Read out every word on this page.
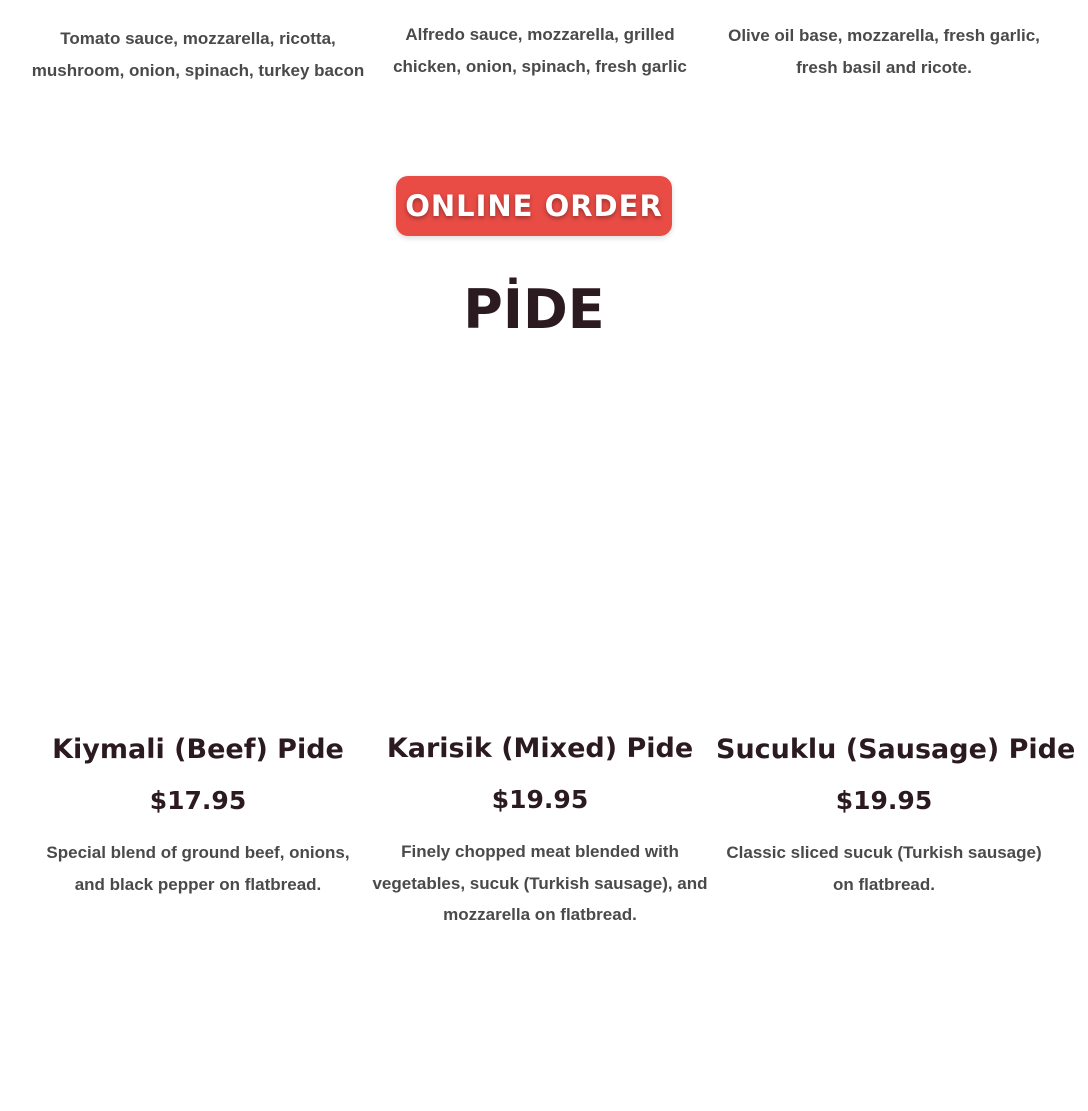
Tomato sauce, mozzarella, ricotta, mushroom, onion, spinach, turkey bacon

Alfredo sauce, mozzarella, grilled chicken, onion, spinach, fresh garlic

Olive oil base, mozzarella, fresh garlic, fresh basil and ricote.

ONLINE ORDER
PİDE
Kiymali (Beef) Pide
$17.95

Special blend of ground beef, onions, and black pepper on flatbread.

Karisik (Mixed) Pide
$19.95

Finely chopped meat blended with vegetables, sucuk (Turkish sausage), and mozzarella on flatbread.

Sucuklu (Sausage) Pide
$19.95

Classic sliced sucuk (Turkish sausage) on flatbread.
